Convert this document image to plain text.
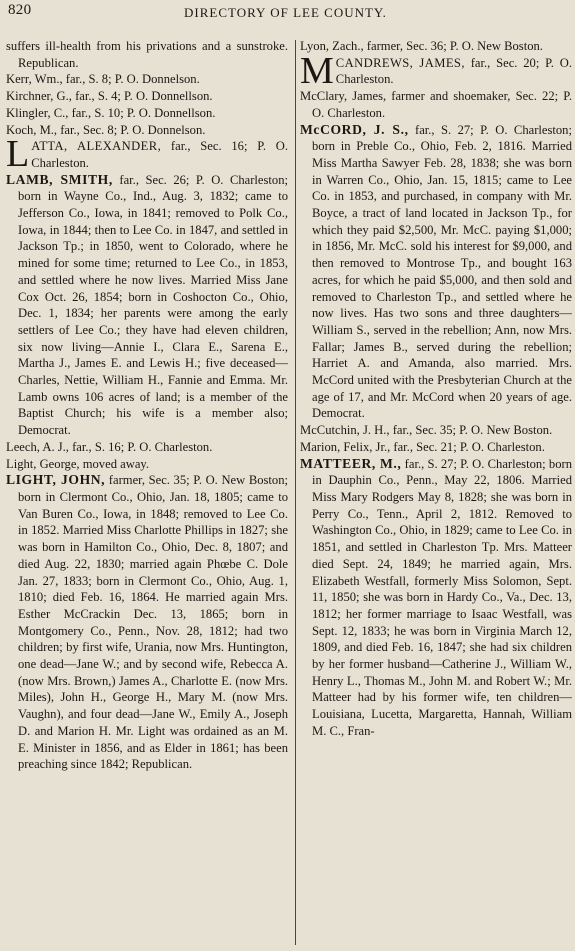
820	DIRECTORY OF LEE COUNTY.

suffers ill-health from his privations and a sunstroke. Republican.

Kerr, Wm., far., S. 8; P. O. Donnelson.

Kirchner, G., far., S. 4; P. O. Donnellson.

Klingler, C., far., S. 10; P. O. Donnellson.

Koch, M., far., Sec. 8; P. O. Donnelson.

LATTA, ALEXANDER, far., Sec. 16; P. O. Charleston.

LAMB, SMITH, far., Sec. 26; P. O. Charleston; born in Wayne Co., Ind., Aug. 3, 1832; came to Jefferson Co., Iowa, in 1841; removed to Polk Co., Iowa, in 1844; then to Lee Co. in 1847, and settled in Jackson Tp.; in 1850, went to Colorado, where he mined for some time; returned to Lee Co., in 1853, and settled where he now lives. Married Miss Jane Cox Oct. 26, 1854; born in Coshocton Co., Ohio, Dec. 1, 1834; her parents were among the early settlers of Lee Co.; they have had eleven children, six now living—Annie I., Clara E., Sarena E., Martha J., James E. and Lewis H.; five deceased—Charles, Nettie, William H., Fannie and Emma. Mr. Lamb owns 106 acres of land; is a member of the Baptist Church; his wife is a member also; Democrat.

Leech, A. J., far., S. 16; P. O. Charleston.

Light, George, moved away.

LIGHT, JOHN, farmer, Sec. 35; P. O. New Boston; born in Clermont Co., Ohio, Jan. 18, 1805; came to Van Buren Co., Iowa, in 1848; removed to Lee Co. in 1852. Married Miss Charlotte Phillips in 1827; she was born in Hamilton Co., Ohio, Dec. 8, 1807; and died Aug. 22, 1830; married again Phœbe C. Dole Jan. 27, 1833; born in Clermont Co., Ohio, Aug. 1, 1810; died Feb. 16, 1864. He married again Mrs. Esther McCrackin Dec. 13, 1865; born in Montgomery Co., Penn., Nov. 28, 1812; had two children; by first wife, Urania, now Mrs. Huntington, one dead—Jane W.; and by second wife, Rebecca A. (now Mrs. Brown,) James A., Charlotte E. (now Mrs. Miles), John H., George H., Mary M. (now Mrs. Vaughn), and four dead—Jane W., Emily A., Joseph D. and Marion H. Mr. Light was ordained as an M. E. Minister in 1856, and as Elder in 1861; has been preaching since 1842; Republican.

Lyon, Zach., farmer, Sec. 36; P. O. New Boston.

MCANDREWS, JAMES, far., Sec. 20; P. O. Charleston.

McClary, James, farmer and shoemaker, Sec. 22; P. O. Charleston.

McCORD, J. S., far., S. 27; P. O. Charleston; born in Preble Co., Ohio, Feb. 2, 1816. Married Miss Martha Sawyer Feb. 28, 1838; she was born in Warren Co., Ohio, Jan. 15, 1815; came to Lee Co. in 1853, and purchased, in company with Mr. Boyce, a tract of land located in Jackson Tp., for which they paid $2,500, Mr. McC. paying $1,000; in 1856, Mr. McC. sold his interest for $9,000, and then removed to Montrose Tp., and bought 163 acres, for which he paid $5,000, and then sold and removed to Charleston Tp., and settled where he now lives. Has two sons and three daughters—William S., served in the rebellion; Ann, now Mrs. Fallar; James B., served during the rebellion; Harriet A. and Amanda, also married. Mrs. McCord united with the Presbyterian Church at the age of 17, and Mr. McCord when 20 years of age. Democrat.

McCutchin, J. H., far., Sec. 35; P. O. New Boston.

Marion, Felix, Jr., far., Sec. 21; P. O. Charleston.

MATTEER, M., far., S. 27; P. O. Charleston; born in Dauphin Co., Penn., May 22, 1806. Married Miss Mary Rodgers May 8, 1828; she was born in Perry Co., Tenn., April 2, 1812. Removed to Washington Co., Ohio, in 1829; came to Lee Co. in 1851, and settled in Charleston Tp. Mrs. Matteer died Sept. 24, 1849; he married again, Mrs. Elizabeth Westfall, formerly Miss Solomon, Sept. 11, 1850; she was born in Hardy Co., Va., Dec. 13, 1812; her former marriage to Isaac Westfall, was Sept. 12, 1833; he was born in Virginia March 12, 1809, and died Feb. 16, 1847; she had six children by her former husband—Catherine J., William W., Henry L., Thomas M., John M. and Robert W.; Mr. Matteer had by his former wife, ten children—Louisiana, Lucetta, Margaretta, Hannah, William M. C., Fran-
